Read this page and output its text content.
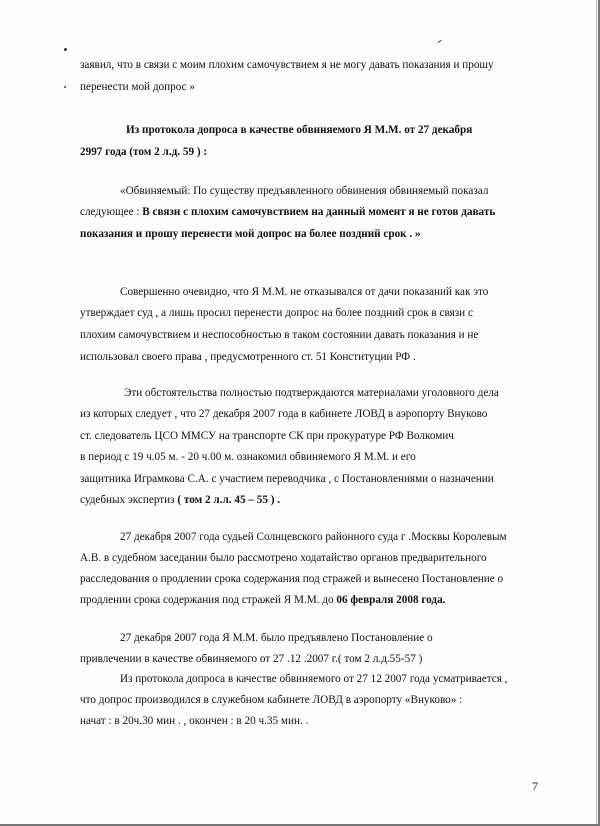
заявил, что в связи с моим плохим самочувствием я не могу давать показания и прошу
перенести мой допрос »
Из протокола допроса в качестве обвиняемого Я М.М. от 27 декабря
2997 года (том 2 л.д. 59 ) :
«Обвиняемый: По существу предъявленного обвинения обвиняемый показал
следующее : В связи с плохим самочувствием на данный момент я не готов давать
показания и прошу перенести мой допрос на более поздний срок . »
Совершенно очевидно, что Я М.М. не отказывался от дачи показаний как это
утверждает суд , а лишь просил перенести допрос на более поздний срок в связи с
плохим самочувствием и неспособностью в таком состоянии давать показания и не
использовал своего права , предусмотренного ст. 51 Конституции РФ .
Эти обстоятельства полностью подтверждаются материалами уголовного дела
из которых следует , что 27 декабря 2007 года в кабинете ЛОВД в аэропорту Внуково
ст. следователь ЦСО ММСУ на транспорте СК при прокуратуре РФ Волкомич
в период с 19 ч.05 м. - 20 ч.00 м. ознакомил обвиняемого Я М.М. и его
защитника Играмкова С.А. с участием переводчика , с Постановлениями о назначении
судебных экспертиз ( том 2 л.л. 45 – 55 ) .
27 декабря 2007 года судьей Солнцевского районного суда г .Москвы Королевым
А.В. в судебном заседании было рассмотрено ходатайство органов предварительного
расследования о продлении срока содержания под стражей и вынесено Постановление о
продлении срока содержания под стражей Я М.М. до 06 февраля 2008 года.
27 декабря 2007 года Я М.М. было предъявлено Постановление о
привлечении в качестве обвиняемого от 27 .12 .2007 г.( том 2 л.д.55-57 )
Из протокола допроса в качестве обвиняемого от 27 12 2007 года усматривается ,
что допрос производился в служебном кабинете ЛОВД в аэропорту «Внуково» :
начат : в 20ч.30 мин . , окончен : в 20 ч.35 мин. .
7
